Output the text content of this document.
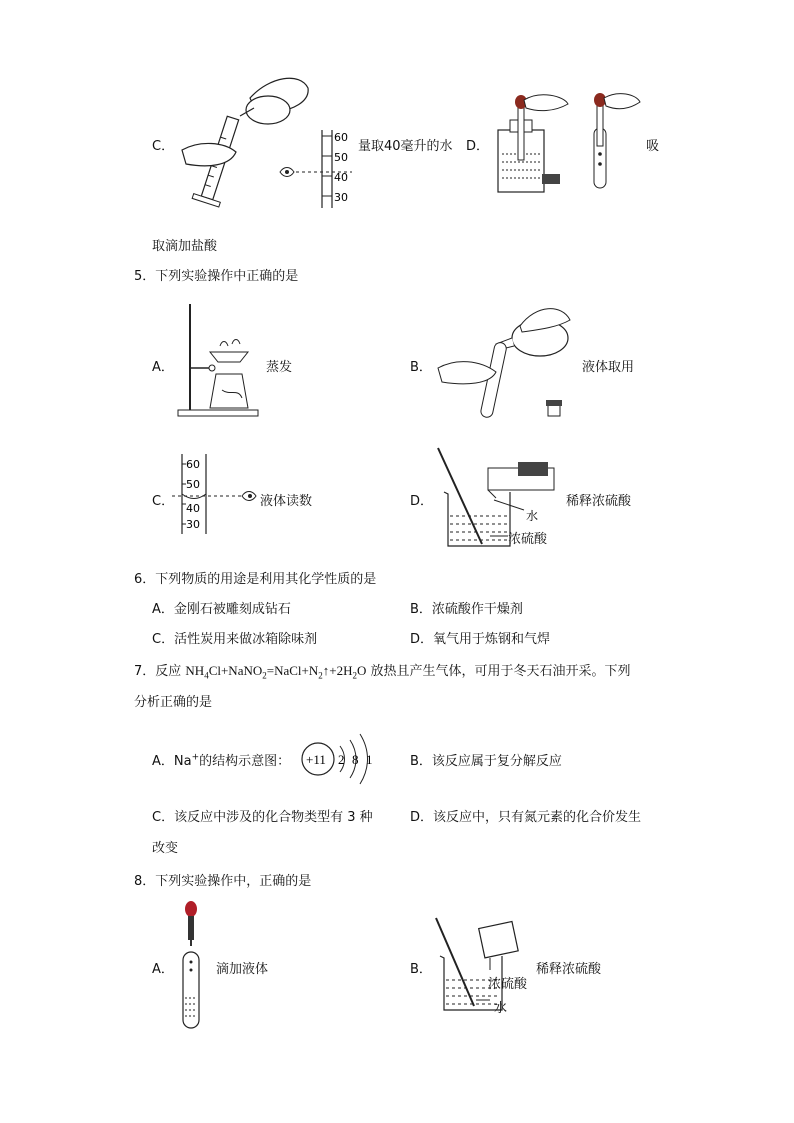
C．
60
50
40
30
量取40毫升的水 D．	吸
取滴加盐酸
5．下列实验操作中正确的是
A．	蒸发	B．	液体取用
C．
60
50
40
30
液体读数	D．
水
浓硫酸
稀释浓硫酸
6．下列物质的用途是利用其化学性质的是
A．金刚石被雕刻成钻石	B．浓硫酸作干燥剂
C．活性炭用来做冰箱除味剂	D．氧气用于炼钢和气焊
7．反应 $NH_4Cl+NaNO_2=NaCl+N_2↑+2H_2O$ 放热且产生气体，可用于冬天石油开采。下列
分析正确的是
A．Na+的结构示意图： +11 2 8 1	B．该反应属于复分解反应
C．该反应中涉及的化合物类型有 3 种	D．该反应中，只有氮元素的化合价发生
改变
8．下列实验操作中，正确的是
A．	滴加液体	B．
浓硫酸
水
稀释浓硫酸
